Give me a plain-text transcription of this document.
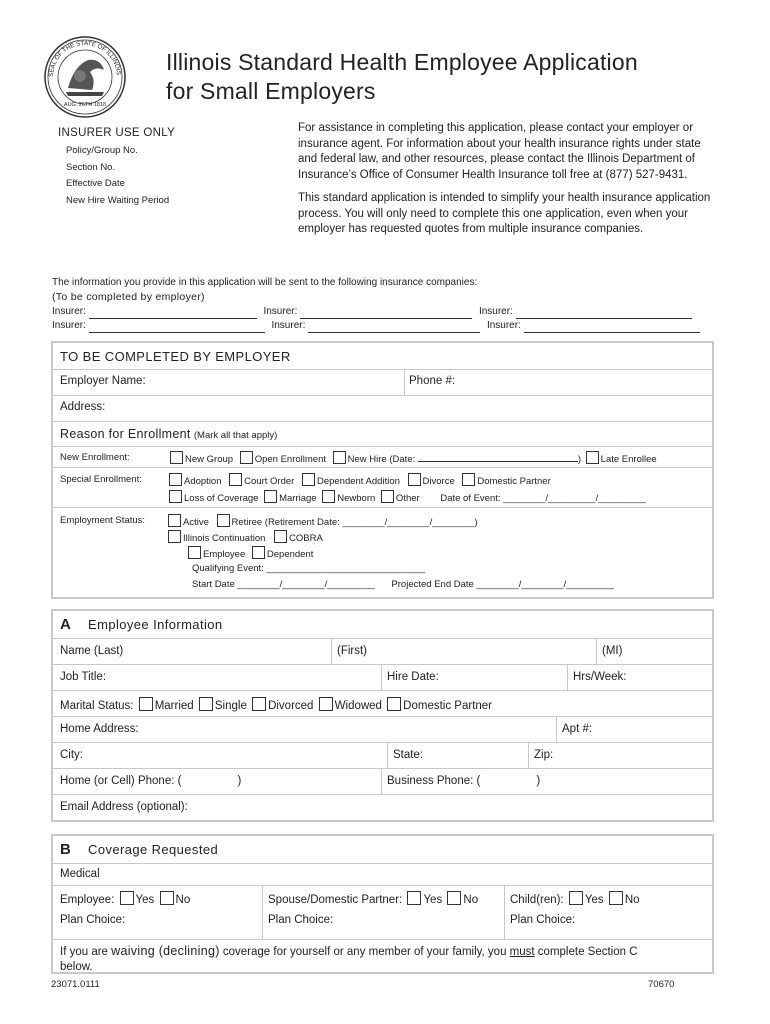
SEAL OF THE STATE OF ILLINOIS
AUG. 26TH 1818
Illinois Standard Health Employee Application
for Small Employers
INSURER USE ONLY
Policy/Group No.
Section No.
Effective Date
New Hire Waiting Period

For assistance in completing this application, please contact your employer or insurance agent. For information about your health insurance rights under state and federal law, and other resources, please contact the Illinois Department of Insurance’s Office of Consumer Health Insurance toll free at (877) 527-9431.

This standard application is intended to simplify your health insurance application process. You will only need to complete this one application, even when your employer has requested quotes from multiple insurance companies.

The information you provide in this application will be sent to the following insurance companies:
(To be completed by employer)
Insurer:	Insurer:	Insurer:
Insurer:	Insurer:	Insurer:
TO BE COMPLETED BY EMPLOYER
Employer Name:	Phone #:
Address:
Reason for Enrollment (Mark all that apply)
New Enrollment:	New Group Open Enrollment New Hire (Date:	) Late Enrollee
Special Enrollment:	Adoption Court Order Dependent Addition Divorce Domestic Partner
Loss of Coverage Marriage Newborn Other Date of Event: ________/_________/_________
Employment Status:	Active Retiree (Retirement Date: ________/________/________)
Illinois Continuation COBRA
Employee Dependent
Qualifying Event: ______________________________
Start Date ________/________/_________ Projected End Date ________/________/_________
A Employee Information
Name (Last)	(First)	(MI)
Job Title:	Hire Date:	Hrs/Week:
Marital Status: Married Single Divorced Widowed Domestic Partner
Home Address:	Apt #:
City:	State:	Zip:
Home (or Cell) Phone: (	)	Business Phone: (	)
Email Address (optional):
B Coverage Requested
Medical
Employee: Yes No	Spouse/Domestic Partner: Yes No	Child(ren): Yes No
Plan Choice:	Plan Choice:	Plan Choice:
If you are waiving (declining) coverage for yourself or any member of your family, you must complete Section C
below.
23071.0111	70670
